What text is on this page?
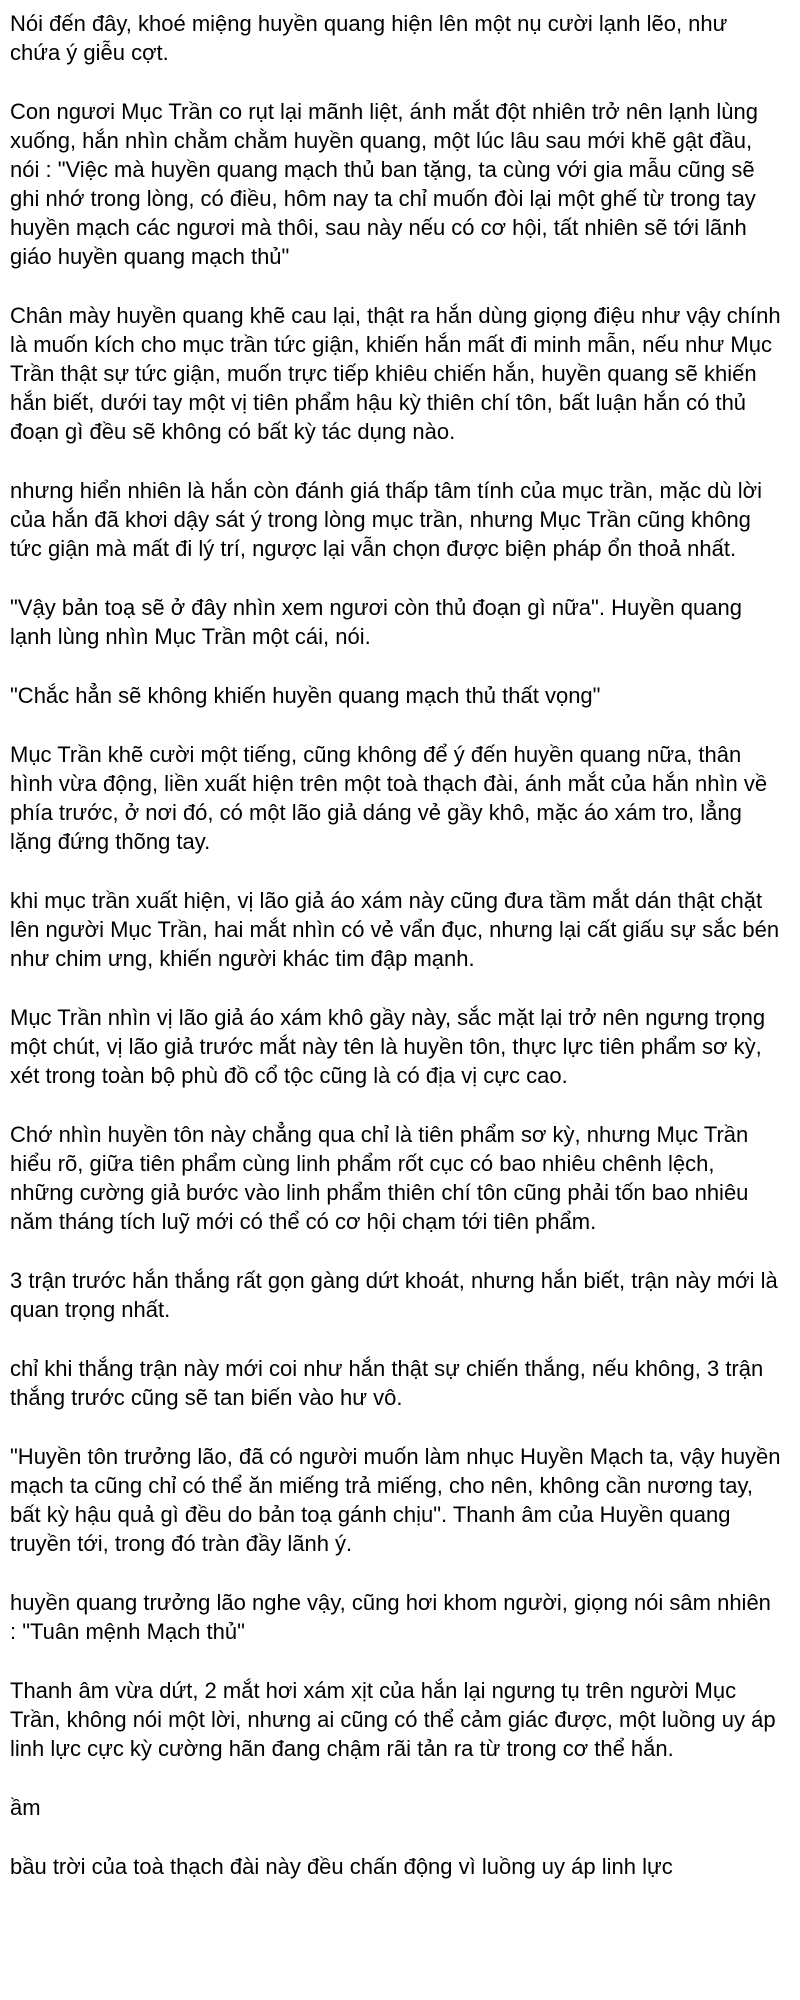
Nói đến đây, khoé miệng huyền quang hiện lên một nụ cười lạnh lẽo, như chứa ý giễu cợt.

Con ngươi Mục Trần co rụt lại mãnh liệt, ánh mắt đột nhiên trở nên lạnh lùng xuống, hắn nhìn chằm chằm huyền quang, một lúc lâu sau mới khẽ gật đầu, nói : "Việc mà huyền quang mạch thủ ban tặng, ta cùng với gia mẫu cũng sẽ ghi nhớ trong lòng, có điều, hôm nay ta chỉ muốn đòi lại một ghế từ trong tay huyền mạch các ngươi mà thôi, sau này nếu có cơ hội, tất nhiên sẽ tới lãnh giáo huyền quang mạch thủ"

Chân mày huyền quang khẽ cau lại, thật ra hắn dùng giọng điệu như vậy chính là muốn kích cho mục trần tức giận, khiến hắn mất đi minh mẫn, nếu như Mục Trần thật sự tức giận, muốn trực tiếp khiêu chiến hắn, huyền quang sẽ khiến hắn biết, dưới tay một vị tiên phẩm hậu kỳ thiên chí tôn, bất luận hắn có thủ đoạn gì đều sẽ không có bất kỳ tác dụng nào.

nhưng hiển nhiên là hắn còn đánh giá thấp tâm tính của mục trần, mặc dù lời của hắn đã khơi dậy sát ý trong lòng mục trần, nhưng Mục Trần cũng không tức giận mà mất đi lý trí, ngược lại vẫn chọn được biện pháp ổn thoả nhất.

"Vậy bản toạ sẽ ở đây nhìn xem ngươi còn thủ đoạn gì nữa". Huyền quang lạnh lùng nhìn Mục Trần một cái, nói.

"Chắc hẳn sẽ không khiến huyền quang mạch thủ thất vọng"

Mục Trần khẽ cười một tiếng, cũng không để ý đến huyền quang nữa, thân hình vừa động, liền xuất hiện trên một toà thạch đài, ánh mắt của hắn nhìn về phía trước, ở nơi đó, có một lão giả dáng vẻ gầy khô, mặc áo xám tro, lẳng lặng đứng thõng tay.

khi mục trần xuất hiện, vị lão giả áo xám này cũng đưa tầm mắt dán thật chặt lên người Mục Trần, hai mắt nhìn có vẻ vẩn đục, nhưng lại cất giấu sự sắc bén như chim ưng, khiến người khác tim đập mạnh.

Mục Trần nhìn vị lão giả áo xám khô gầy này, sắc mặt lại trở nên ngưng trọng một chút, vị lão giả trước mắt này tên là huyền tôn, thực lực tiên phẩm sơ kỳ, xét trong toàn bộ phù đồ cổ tộc cũng là có địa vị cực cao.

Chớ nhìn huyền tôn này chẳng qua chỉ là tiên phẩm sơ kỳ, nhưng Mục Trần hiểu rõ, giữa tiên phẩm cùng linh phẩm rốt cục có bao nhiêu chênh lệch, những cường giả bước vào linh phẩm thiên chí tôn cũng phải tốn bao nhiêu năm tháng tích luỹ mới có thể có cơ hội chạm tới tiên phẩm.

3 trận trước hắn thắng rất gọn gàng dứt khoát, nhưng hắn biết, trận này mới là quan trọng nhất.

chỉ khi thắng trận này mới coi như hắn thật sự chiến thắng, nếu không, 3 trận thắng trước cũng sẽ tan biến vào hư vô.

"Huyền tôn trưởng lão, đã có người muốn làm nhục Huyền Mạch ta, vậy huyền mạch ta cũng chỉ có thể ăn miếng trả miếng, cho nên, không cần nương tay, bất kỳ hậu quả gì đều do bản toạ gánh chịu". Thanh âm của Huyền quang truyền tới, trong đó tràn đầy lãnh ý.

huyền quang trưởng lão nghe vậy, cũng hơi khom người, giọng nói sâm nhiên : "Tuân mệnh Mạch thủ"

Thanh âm vừa dứt, 2 mắt hơi xám xịt của hắn lại ngưng tụ trên người Mục Trần, không nói một lời, nhưng ai cũng có thể cảm giác được, một luồng uy áp linh lực cực kỳ cường hãn đang chậm rãi tản ra từ trong cơ thể hắn.

ầm

bầu trời của toà thạch đài này đều chấn động vì luồng uy áp linh lực
